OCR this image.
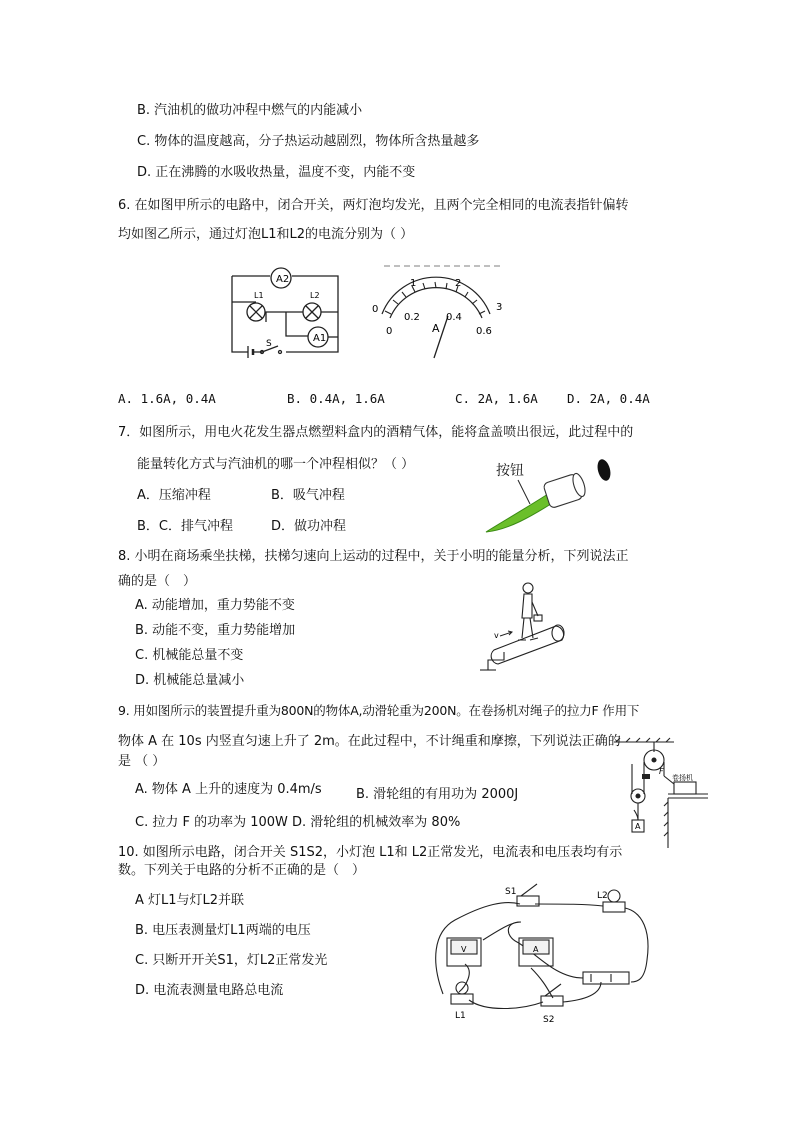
B. 汽油机的做功冲程中燃气的内能减小
C. 物体的温度越高，分子热运动越剧烈，物体所含热量越多
D. 正在沸腾的水吸收热量，温度不变，内能不变
6. 在如图甲所示的电路中，闭合开关，两灯泡均发光，且两个完全相同的电流表指针偏转
均如图乙所示，通过灯泡L1和L2的电流分别为（ ）
A2
A1
L1	L2
S
0
1	2
3
0
0.2	0.4
0.6
A
A. 1.6A, 0.4A	B. 0.4A, 1.6A	C. 2A, 1.6A D. 2A, 0.4A
7．如图所示，用电火花发生器点燃塑料盒内的酒精气体，能将盒盖喷出很远，此过程中的
能量转化方式与汽油机的哪一个冲程相似？（ ）
A．压缩冲程	B．吸气冲程
B．C．排气冲程	D．做功冲程
按钮
8. 小明在商场乘坐扶梯，扶梯匀速向上运动的过程中，关于小明的能量分析，下列说法正
确的是（　）
A. 动能增加，重力势能不变
B. 动能不变，重力势能增加
C. 机械能总量不变
D. 机械能总量减小
v
9. 用如图所示的装置提升重为800N的物体A,动滑轮重为200N。在卷扬机对绳子的拉力F 作用下
物体 A 在 10s 内竖直匀速上升了 2m。在此过程中，不计绳重和摩擦，下列说法正确的
是 （ ）
A. 物体 A 上升的速度为 0.4m/s	B. 滑轮组的有用功为 2000J
C. 拉力 F 的功率为 100W D. 滑轮组的机械效率为 80%
F
卷扬机
A
10. 如图所示电路，闭合开关 S1S2，小灯泡 L1和 L2正常发光，电流表和电压表均有示
数。下列关于电路的分析不正确的是（　）
A 灯L1与灯L2并联
B. 电压表测量灯L1两端的电压
C. 只断开开关S1，灯L2正常发光
D. 电流表测量电路总电流
S1	L2
V	A
L1	S2
